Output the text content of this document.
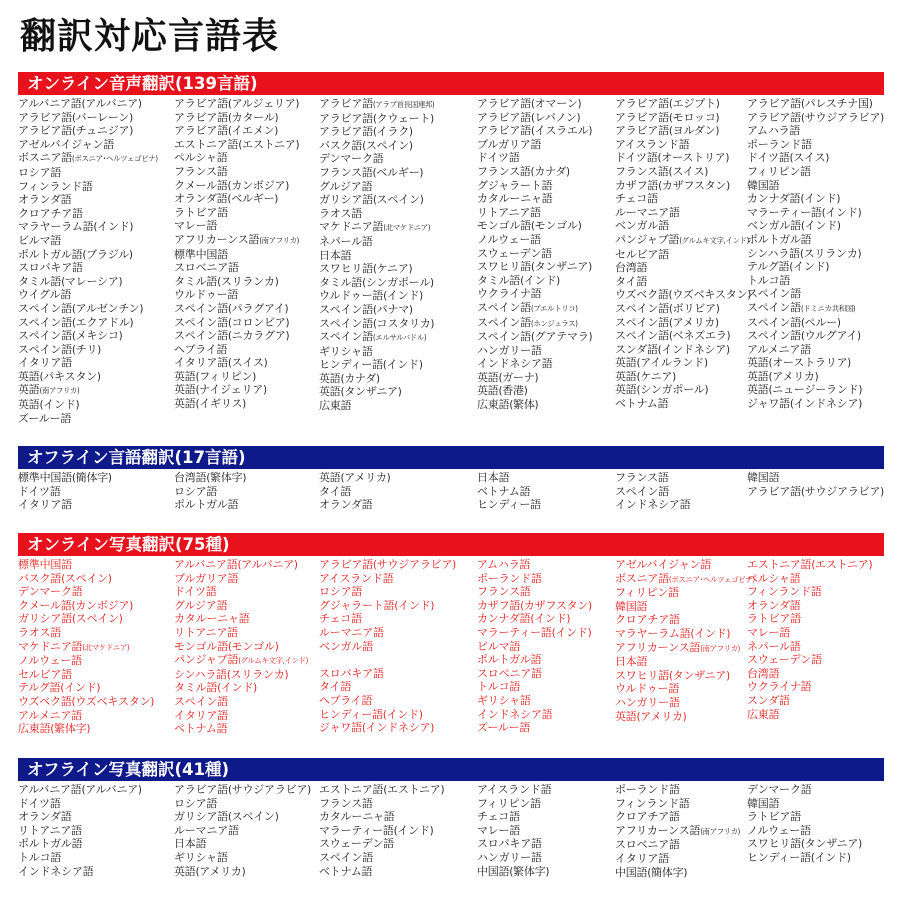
翻訳対応言語表
オンライン音声翻訳(139言語)
アルバニア語(アルバニア)
アラビア語(バーレーン)
アラビア語(チュニジア)
アゼルバイジャン語
ボスニア語(ボスニア･ヘルツェゴビナ)
ロシア語
フィンランド語
オランダ語
クロアチア語
マラヤーラム語(インド)
ビルマ語
ポルトガル語(ブラジル)
スロバキア語
タミル語(マレーシア)
ウイグル語
スペイン語(アルゼンチン)
スペイン語(エクアドル)
スペイン語(メキシコ)
スペイン語(チリ)
イタリア語
英語(パキスタン)
英語(南アフリカ)
英語(インド)
ズールー語
アラビア語(アルジェリア)
アラビア語(カタール)
アラビア語(イエメン)
エストニア語(エストニア)
ペルシャ語
フランス語
クメール語(カンボジア)
オランダ語(ベルギー)
ラトビア語
マレー語
アフリカーンス語(南アフリカ)
標準中国語
スロベニア語
タミル語(スリランカ)
ウルドゥー語
スペイン語(パラグアイ)
スペイン語(コロンビア)
スペイン語(ニカラグア)
ヘブライ語
イタリア語(スイス)
英語(フィリピン)
英語(ナイジェリア)
英語(イギリス)
アラビア語(アラブ首長国連邦)
アラビア語(クウェート)
アラビア語(イラク)
バスク語(スペイン)
デンマーク語
フランス語(ベルギー)
グルジア語
ガリシア語(スペイン)
ラオス語
マケドニア語(北マケドニア)
ネパール語
日本語
スワヒリ語(ケニア)
タミル語(シンガポール)
ウルドゥー語(インド)
スペイン語(パナマ)
スペイン語(コスタリカ)
スペイン語(エルサルバドル)
ギリシャ語
ヒンディー語(インド)
英語(カナダ)
英語(タンザニア)
広東語
アラビア語(オマーン)
アラビア語(レバノン)
アラビア語(イスラエル)
ブルガリア語
ドイツ語
フランス語(カナダ)
グジャラート語
カタルーニャ語
リトアニア語
モンゴル語(モンゴル)
ノルウェー語
スウェーデン語
スワヒリ語(タンザニア)
タミル語(インド)
ウクライナ語
スペイン語(プエルトリコ)
スペイン語(ホンジュラス)
スペイン語(グアテマラ)
ハンガリー語
インドネシア語
英語(ガーナ)
英語(香港)
広東語(繁体)
アラビア語(エジプト)
アラビア語(モロッコ)
アラビア語(ヨルダン)
アイスランド語
ドイツ語(オーストリア)
フランス語(スイス)
カザフ語(カザフスタン)
チェコ語
ルーマニア語
ベンガル語
パンジャブ語(グルムキ文字,インド)
セルビア語
台湾語
タイ語
ウズベク語(ウズベキスタン)
スペイン語(ボリビア)
スペイン語(アメリカ)
スペイン語(ベネズエラ)
スンダ語(インドネシア)
英語(アイルランド)
英語(ケニア)
英語(シンガポール)
ベトナム語
アラビア語(パレスチナ国)
アラビア語(サウジアラビア)
アムハラ語
ポーランド語
ドイツ語(スイス)
フィリピン語
韓国語
カンナダ語(インド)
マラーティー語(インド)
ベンガル語(インド)
ポルトガル語
シンハラ語(スリランカ)
テルグ語(インド)
トルコ語
スペイン語
スペイン語(ドミニカ共和国)
スペイン語(ペルー)
スペイン語(ウルグアイ)
アルメニア語
英語(オーストラリア)
英語(アメリカ)
英語(ニュージーランド)
ジャワ語(インドネシア)
オフライン言語翻訳(17言語)
標準中国語(簡体字)
ドイツ語
イタリア語
台湾語(繁体字)
ロシア語
ポルトガル語
英語(アメリカ)
タイ語
オランダ語
日本語
ベトナム語
ヒンディー語
フランス語
スペイン語
インドネシア語
韓国語
アラビア語(サウジアラビア)
オンライン写真翻訳(75種)
標準中国語
バスク語(スペイン)
デンマーク語
クメール語(カンボジア)
ガリシア語(スペイン)
ラオス語
マケドニア語(北マケドニア)
ノルウェー語
セルビア語
テルグ語(インド)
ウズベク語(ウズベキスタン)
アルメニア語
広東語(繁体字)
アルバニア語(アルバニア)
ブルガリア語
ドイツ語
グルジア語
カタルーニャ語
リトアニア語
モンゴル語(モンゴル)
パンジャブ語(グルムキ文字,インド)
シンハラ語(スリランカ)
タミル語(インド)
スペイン語
イタリア語
ベトナム語
アラビア語(サウジアラビア)
アイスランド語
ロシア語
グジャラート語(インド)
チェコ語
ルーマニア語
ベンガル語

スロバキア語
タイ語
ヘブライ語
ヒンディー語(インド)
ジャワ語(インドネシア)
アムハラ語
ポーランド語
フランス語
カザフ語(カザフスタン)
カンナダ語(インド)
マラーティー語(インド)
ビルマ語
ポルトガル語
スロベニア語
トルコ語
ギリシャ語
インドネシア語
ズールー語
アゼルバイジャン語
ボスニア語(ボスニア･ヘルツェゴビナ)
フィリピン語
韓国語
クロアチア語
マラヤーラム語(インド)
アフリカーンス語(南アフリカ)
日本語
スワヒリ語(タンザニア)
ウルドゥー語
ハンガリー語
英語(アメリカ)
エストニア語(エストニア)
ペルシャ語
フィンランド語
オランダ語
ラトビア語
マレー語
ネパール語
スウェーデン語
台湾語
ウクライナ語
スンダ語
広東語
オフライン写真翻訳(41種)
アルバニア語(アルバニア)
ドイツ語
オランダ語
リトアニア語
ポルトガル語
トルコ語
インドネシア語
アラビア語(サウジアラビア)
ロシア語
ガリシア語(スペイン)
ルーマニア語
日本語
ギリシャ語
英語(アメリカ)
エストニア語(エストニア)
フランス語
カタルーニャ語
マラーティー語(インド)
スウェーデン語
スペイン語
ベトナム語
アイスランド語
フィリピン語
チェコ語
マレー語
スロバキア語
ハンガリー語
中国語(繁体字)
ポーランド語
フィンランド語
クロアチア語
アフリカーンス語(南アフリカ)
スロベニア語
イタリア語
中国語(簡体字)
デンマーク語
韓国語
ラトビア語
ノルウェー語
スワヒリ語(タンザニア)
ヒンディー語(インド)
